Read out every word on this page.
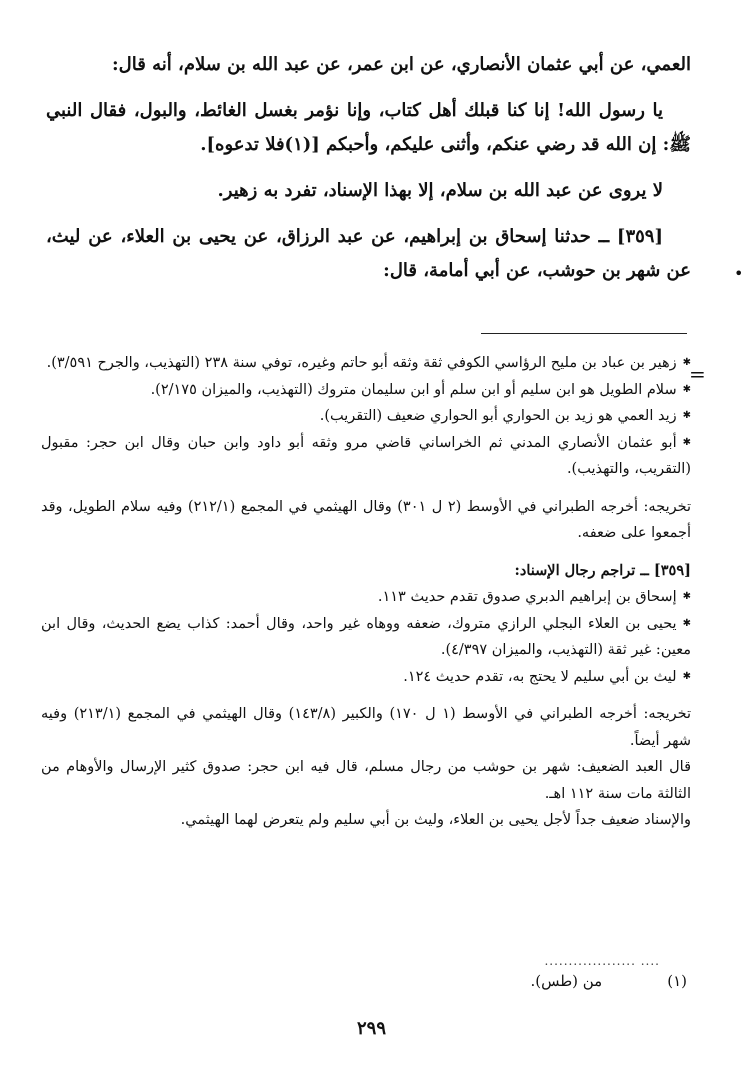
العمي، عن أبي عثمان الأنصاري، عن ابن عمر، عن عبد الله بن سلام، أنه قال:

يا رسول الله! إنا كنا قبلك أهل كتاب، وإنا نؤمر بغسل الغائط، والبول، فقال النبي ﷺ: إن الله قد رضي عنكم، وأثنى عليكم، وأحبكم [(١)فلا تدعوه].

لا يروى عن عبد الله بن سلام، إلا بهذا الإسناد، تفرد به زهير.

[٣٥٩] ــ حدثنا إسحاق بن إبراهيم، عن عبد الرزاق، عن يحيى بن العلاء، عن ليث، عن شهر بن حوشب، عن أبي أمامة، قال:	•
=

✱ زهير بن عباد بن مليح الرؤاسي الكوفي ثقة وثقه أبو حاتم وغيره، توفي سنة ٢٣٨ (التهذيب، والجرح ٣/٥٩١).

✱ سلام الطويل هو ابن سليم أو ابن سلم أو ابن سليمان متروك (التهذيب، والميزان ٢/١٧٥).

✱ زيد العمي هو زيد بن الحواري أبو الحواري ضعيف (التقريب).

✱ أبو عثمان الأنصاري المدني ثم الخراساني قاضي مرو وثقه أبو داود وابن حبان وقال ابن حجر: مقبول (التقريب، والتهذيب).

تخريجه: أخرجه الطبراني في الأوسط (٢ ل ٣٠١) وقال الهيثمي في المجمع (٢١٢/١) وفيه سلام الطويل، وقد أجمعوا على ضعفه.

[٣٥٩] ــ تراجم رجال الإسناد:

✱ إسحاق بن إبراهيم الدبري صدوق تقدم حديث ١١٣.

✱ يحيى بن العلاء البجلي الرازي متروك، ضعفه ووهاه غير واحد، وقال أحمد: كذاب يضع الحديث، وقال ابن معين: غير ثقة (التهذيب، والميزان ٤/٣٩٧).

✱ ليث بن أبي سليم لا يحتج به، تقدم حديث ١٢٤.

تخريجه: أخرجه الطبراني في الأوسط (١ ل ١٧٠) والكبير (١٤٣/٨) وقال الهيثمي في المجمع (٢١٣/١) وفيه شهر أيضاً.

قال العبد الضعيف: شهر بن حوشب من رجال مسلم، قال فيه ابن حجر: صدوق كثير الإرسال والأوهام من الثالثة مات سنة ١١٢ اهـ.

والإسناد ضعيف جداً لأجل يحيى بن العلاء، وليث بن أبي سليم ولم يتعرض لهما الهيثمي.

................... ....
(١) من (طس).
٢٩٩
